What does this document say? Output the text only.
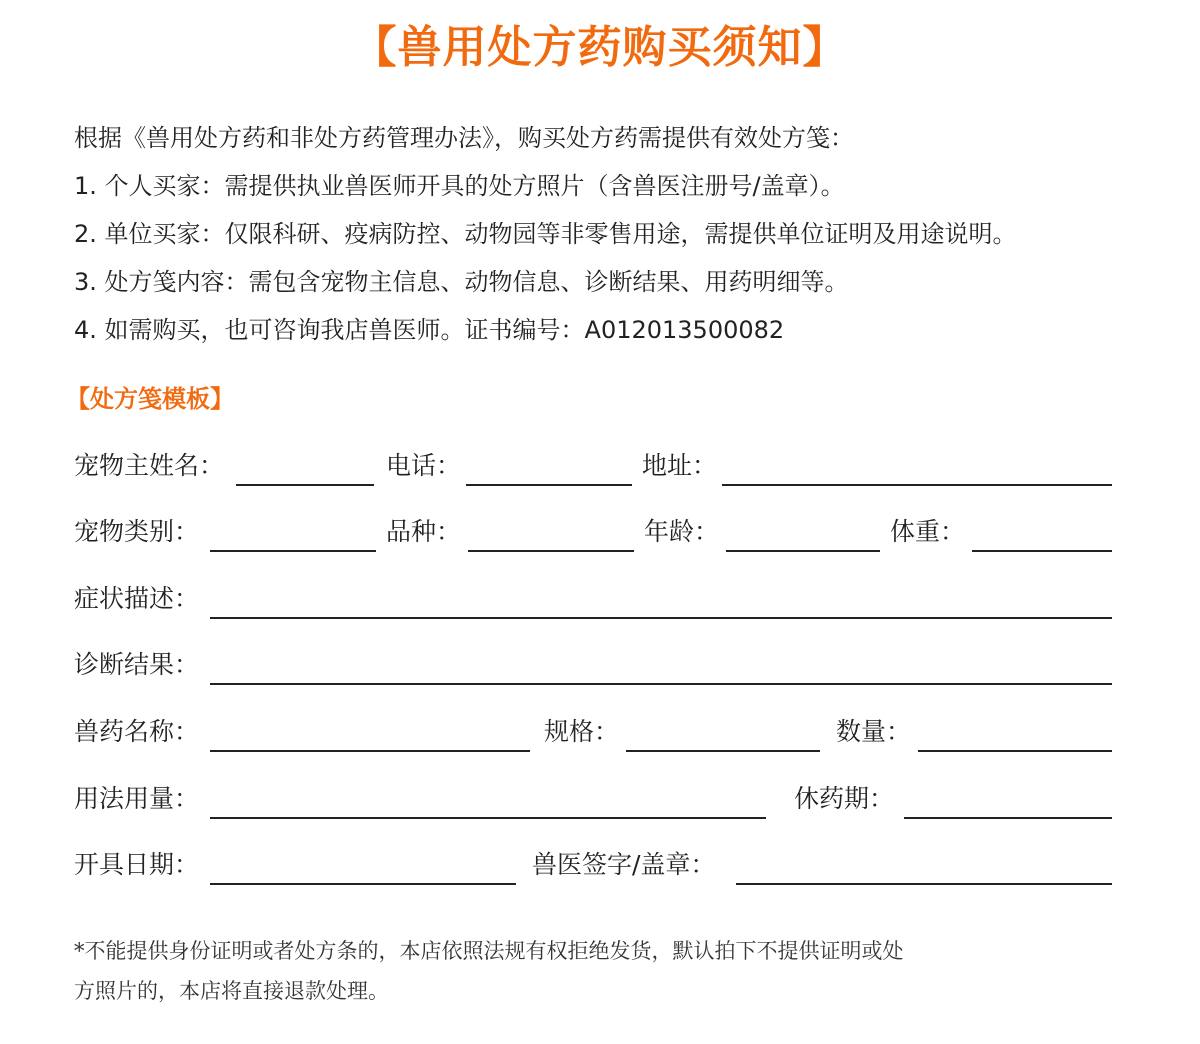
【兽用处方药购买须知】
根据《兽用处方药和非处方药管理办法》，购买处方药需提供有效处方笺：
1. 个人买家：需提供执业兽医师开具的处方照片（含兽医注册号/盖章）。
2. 单位买家：仅限科研、疫病防控、动物园等非零售用途，需提供单位证明及用途说明。
3. 处方笺内容：需包含宠物主信息、动物信息、诊断结果、用药明细等。
4. 如需购买，也可咨询我店兽医师。证书编号：A012013500082
【处方笺模板】
宠物主姓名：	电话：	地址：
宠物类别：	品种：	年龄：	体重：
症状描述：
诊断结果：
兽药名称：	规格：	数量：
用法用量：	休药期：
开具日期：	兽医签字/盖章：
*不能提供身份证明或者处方条的，本店依照法规有权拒绝发货，默认拍下不提供证明或处
方照片的，本店将直接退款处理。
